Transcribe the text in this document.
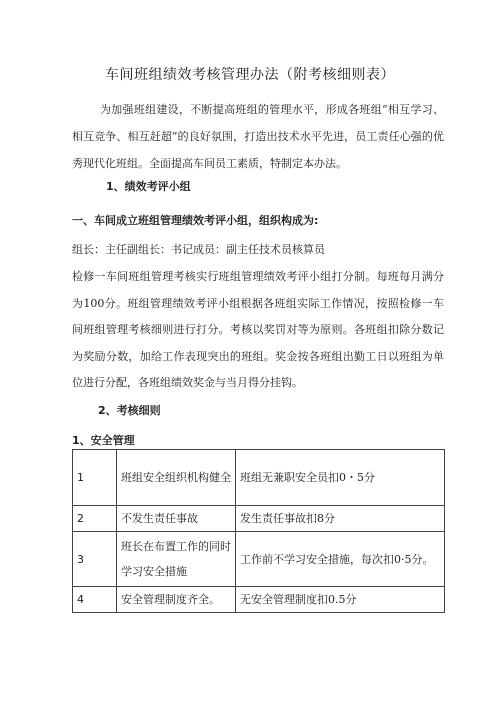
车间班组绩效考核管理办法（附考核细则表）
为加强班组建设，不断提高班组的管理水平，形成各班组“相互学习、相互竞争、相互赶超”的良好氛围，打造出技术水平先进，员工责任心强的优秀现代化班组。全面提高车间员工素质，特制定本办法。
1、绩效考评小组
一、车间成立班组管理绩效考评小组，组织构成为:
组长：主任副组长：书记成员：副主任技术员核算员
检修一车间班组管理考核实行班组管理绩效考评小组打分制。每班每月满分为100分。班组管理绩效考评小组根据各班组实际工作情况，按照检修一车间班组管理考核细则进行打分。考核以奖罚对等为原则。各班组扣除分数记为奖励分数，加给工作表现突出的班组。奖金按各班组出勤工日以班组为单位进行分配，各班组绩效奖金与当月得分挂钩。
2、考核细则
1、安全管理
1	班组安全组织机构健全	班组无兼职安全员扣0・5分
2	不发生责任事故	发生责任事故扣8分
3	班长在布置工作的同时学习安全措施	工作前不学习安全措施，每次扣0·5分。
4	安全管理制度齐全。	无安全管理制度扣0.5分
